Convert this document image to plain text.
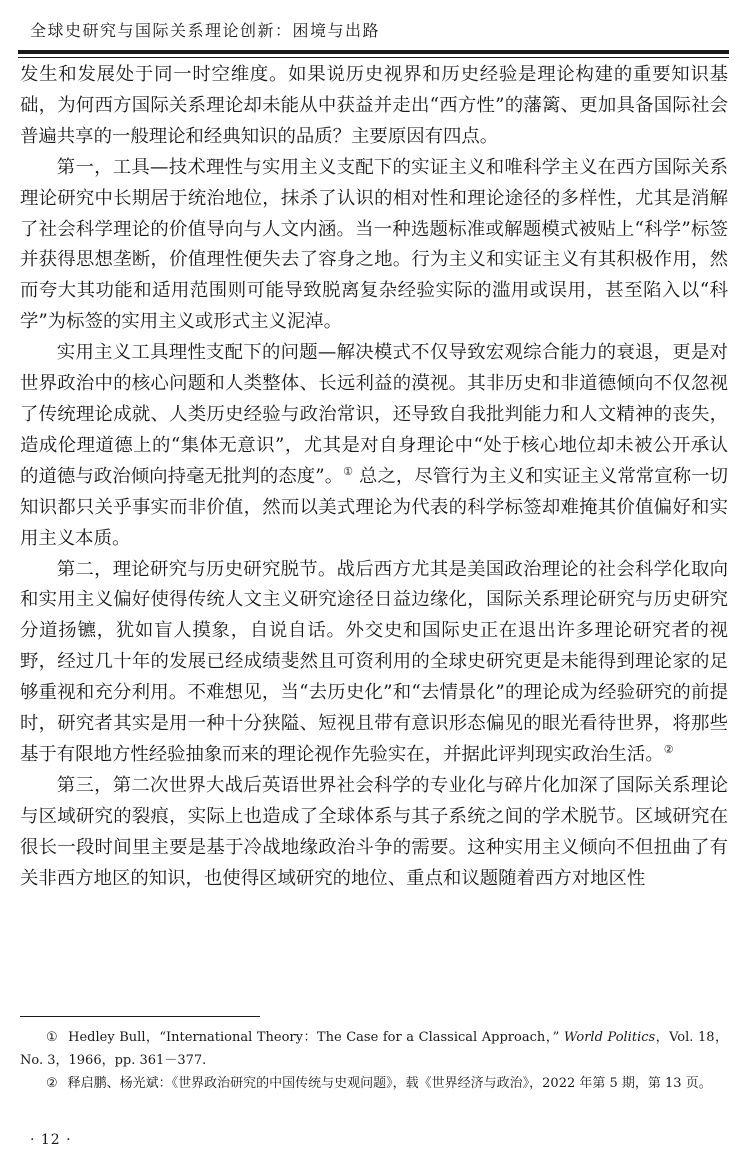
全球史研究与国际关系理论创新：困境与出路

发生和发展处于同一时空维度。如果说历史视界和历史经验是理论构建的重要知识基础，为何西方国际关系理论却未能从中获益并走出“西方性”的藩篱、更加具备国际社会普遍共享的一般理论和经典知识的品质？主要原因有四点。

第一，工具—技术理性与实用主义支配下的实证主义和唯科学主义在西方国际关系理论研究中长期居于统治地位，抹杀了认识的相对性和理论途径的多样性，尤其是消解了社会科学理论的价值导向与人文内涵。当一种选题标准或解题模式被贴上“科学”标签并获得思想垄断，价值理性便失去了容身之地。行为主义和实证主义有其积极作用，然而夸大其功能和适用范围则可能导致脱离复杂经验实际的滥用或误用，甚至陷入以“科学”为标签的实用主义或形式主义泥淖。

实用主义工具理性支配下的问题—解决模式不仅导致宏观综合能力的衰退，更是对世界政治中的核心问题和人类整体、长远利益的漠视。其非历史和非道德倾向不仅忽视了传统理论成就、人类历史经验与政治常识，还导致自我批判能力和人文精神的丧失，造成伦理道德上的“集体无意识”，尤其是对自身理论中“处于核心地位却未被公开承认的道德与政治倾向持毫无批判的态度”。① 总之，尽管行为主义和实证主义常常宣称一切知识都只关乎事实而非价值，然而以美式理论为代表的科学标签却难掩其价值偏好和实用主义本质。

第二，理论研究与历史研究脱节。战后西方尤其是美国政治理论的社会科学化取向和实用主义偏好使得传统人文主义研究途径日益边缘化，国际关系理论研究与历史研究分道扬镳，犹如盲人摸象，自说自话。外交史和国际史正在退出许多理论研究者的视野，经过几十年的发展已经成绩斐然且可资利用的全球史研究更是未能得到理论家的足够重视和充分利用。不难想见，当“去历史化”和“去情景化”的理论成为经验研究的前提时，研究者其实是用一种十分狭隘、短视且带有意识形态偏见的眼光看待世界，将那些基于有限地方性经验抽象而来的理论视作先验实在，并据此评判现实政治生活。②

第三，第二次世界大战后英语世界社会科学的专业化与碎片化加深了国际关系理论与区域研究的裂痕，实际上也造成了全球体系与其子系统之间的学术脱节。区域研究在很长一段时间里主要是基于冷战地缘政治斗争的需要。这种实用主义倾向不但扭曲了有关非西方地区的知识，也使得区域研究的地位、重点和议题随着西方对地区性

① Hedley Bull，“International Theory：The Case for a Classical Approach，” World Politics，Vol. 18，No. 3，1966，pp. 361－377.

② 释启鹏、杨光斌：《世界政治研究的中国传统与史观问题》，载《世界经济与政治》，2022 年第 5 期，第 13 页。

· 12 ·
